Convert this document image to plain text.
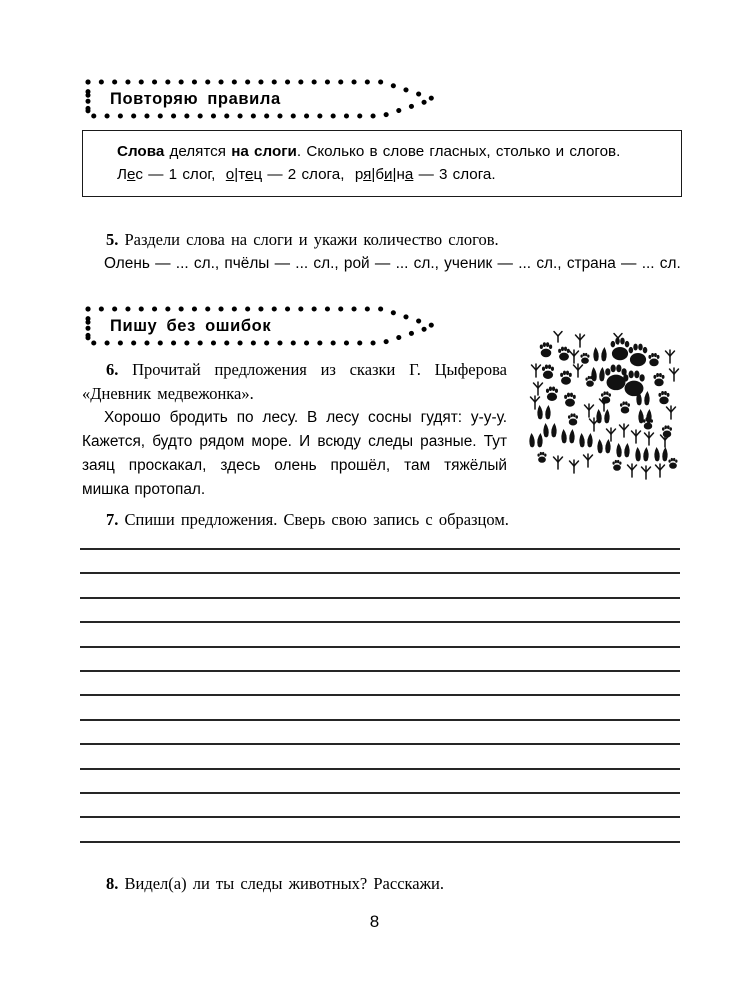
Повторяю правила

Слова делятся на слоги. Сколько в слове гласных, столько и слогов.

Лес — 1 слог, о|тец — 2 слога, ря|би|на — 3 слога.

5. Раздели слова на слоги и укажи количество слогов.

Олень — ... сл., пчёлы — ... сл., рой — ... сл., ученик — ... сл., страна — ... сл.

Пишу без ошибок

6. Прочитай предложения из сказки Г. Цыферова «Дневник медвежонка».

Хорошо бродить по лесу. В лесу сосны гудят: у-у-у. Кажется, будто рядом море. И всюду следы разные. Тут заяц проскакал, здесь олень прошёл, там тяжёлый мишка протопал.

7. Спиши предложения. Сверь свою запись с образцом.

8. Видел(а) ли ты следы животных? Расскажи.

8
